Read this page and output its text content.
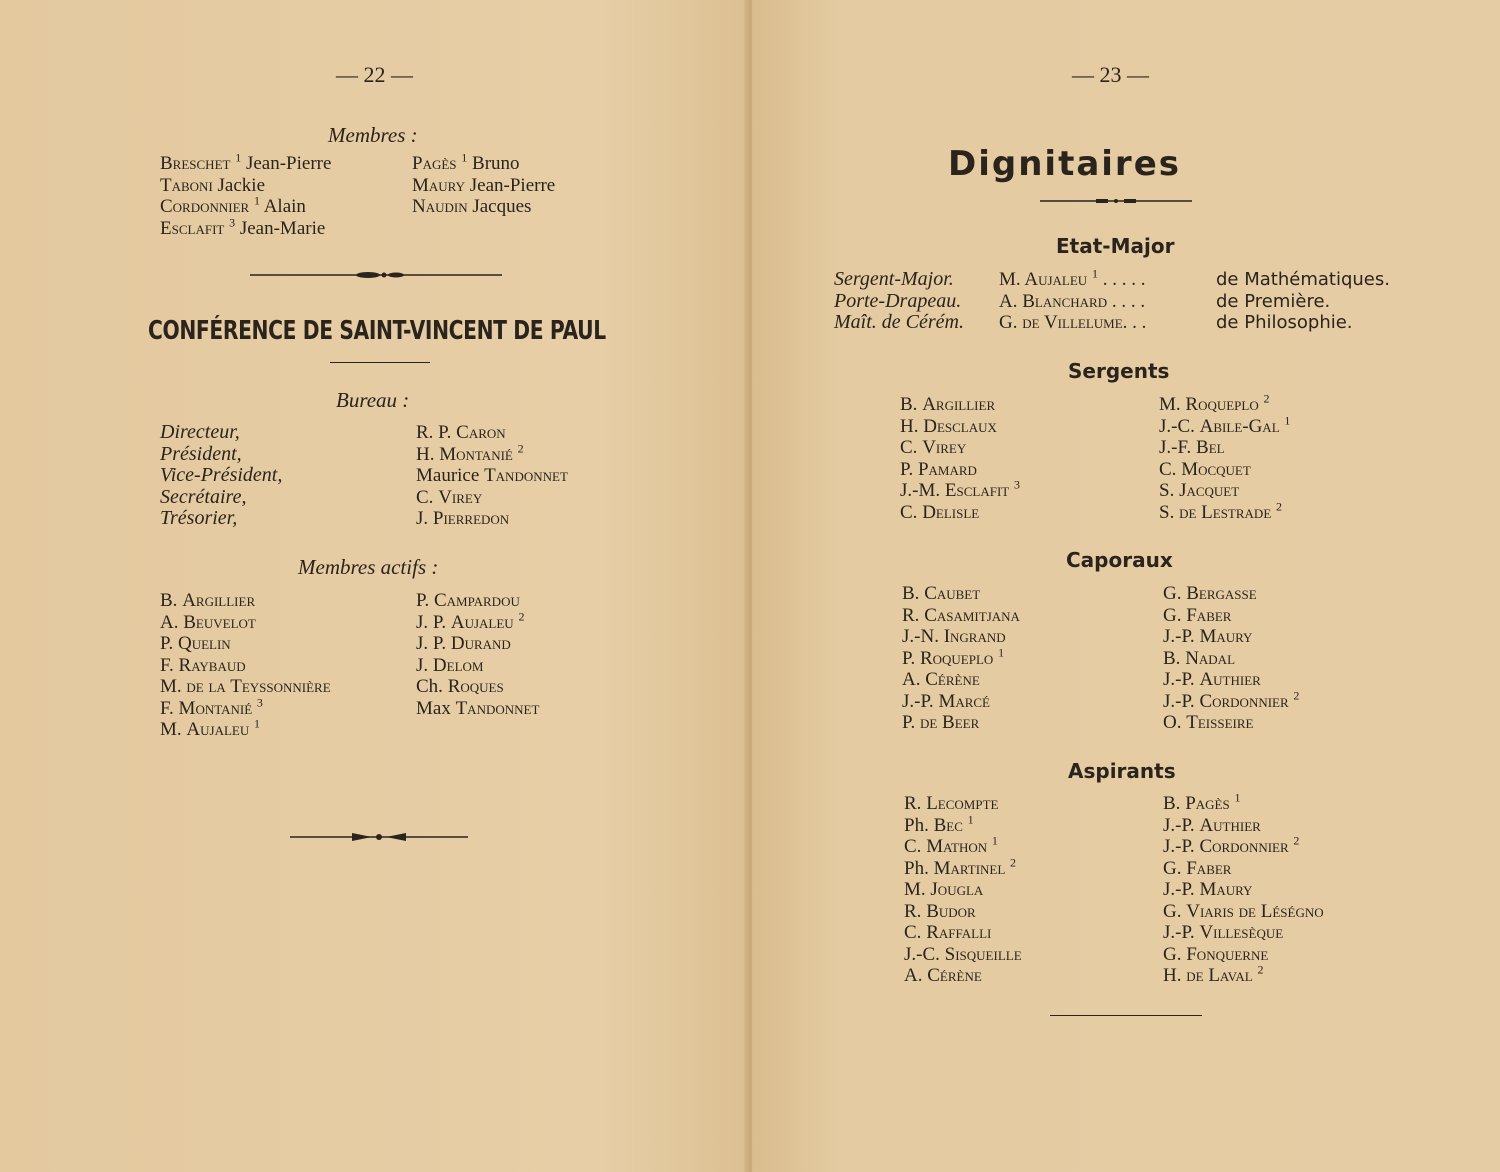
— 22 —
Membres :
Breschet $^1$ Jean-Pierre
Taboni Jackie
Cordonnier $^1$ Alain
Esclafit $^3$ Jean-Marie
Pagès $^1$ Bruno
Maury Jean-Pierre
Naudin Jacques
CONFÉRENCE DE SAINT-VINCENT DE PAUL
Bureau :
Directeur,
Président,
Vice-Président,
Secrétaire,
Trésorier,
R. P. Caron
H. Montanié $^2$
Maurice Tandonnet
C. Virey
J. Pierredon
Membres actifs :
B. Argillier
A. Beuvelot
P. Quelin
F. Raybaud
M. de la Teyssonnière
F. Montanié $^3$
M. Aujaleu $^1$
P. Campardou
J. P. Aujaleu $^2$
J. P. Durand
J. Delom
Ch. Roques
Max Tandonnet
— 23 —
Dignitaires
Etat-Major
Sergent-Major.
Porte-Drapeau.
Maît. de Cérém.
M. Aujaleu $^1$ . . . . .
A. Blanchard . . . .
G. de Villelume. . .
de Mathématiques.
de Première.
de Philosophie.
Sergents
B. Argillier
H. Desclaux
C. Virey
P. Pamard
J.-M. Esclafit $^3$
C. Delisle
M. Roqueplo $^2$
J.-C. Abile-Gal $^1$
J.-F. Bel
C. Mocquet
S. Jacquet
S. de Lestrade $^2$
Caporaux
B. Caubet
R. Casamitjana
J.-N. Ingrand
P. Roqueplo $^1$
A. Cérène
J.-P. Marcé
P. de Beer
G. Bergasse
G. Faber
J.-P. Maury
B. Nadal
J.-P. Authier
J.-P. Cordonnier $^2$
O. Teisseire
Aspirants
R. Lecompte
Ph. Bec $^1$
C. Mathon $^1$
Ph. Martinel $^2$
M. Jougla
R. Budor
C. Raffalli
J.-C. Sisqueille
A. Cérène
B. Pagès $^1$
J.-P. Authier
J.-P. Cordonnier $^2$
G. Faber
J.-P. Maury
G. Viaris de Léségno
J.-P. Villesèque
G. Fonquerne
H. de Laval $^2$
